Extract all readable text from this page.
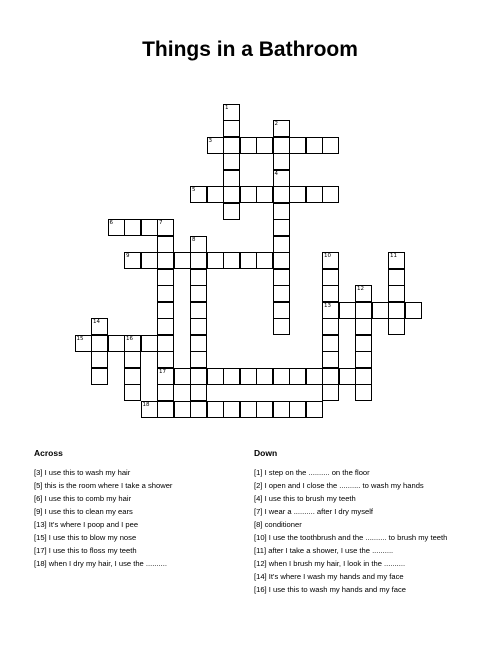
Things in a Bathroom
3
5
6	7
9
13
15	16
17
18
1
2
4
8
10	11
12
14
Across
[3] I use this to wash my hair
[5] this is the room where I take a shower
[6] I use this to comb my hair
[9] I use this to clean my ears
[13] It's where I poop and I pee
[15] I use this to blow my nose
[17] I use this to floss my teeth
[18] when I dry my hair, I use the ..........
Down
[1] I step on the .......... on the floor
[2] I open and I close the .......... to wash my hands
[4] I use this to brush my teeth
[7] I wear a .......... after I dry myself
[8] conditioner
[10] I use the toothbrush and the .......... to brush my teeth
[11] after I take a shower, I use the ..........
[12] when I brush my hair, I look in the ..........
[14] It's where I wash my hands and my face
[16] I use this to wash my hands and my face
